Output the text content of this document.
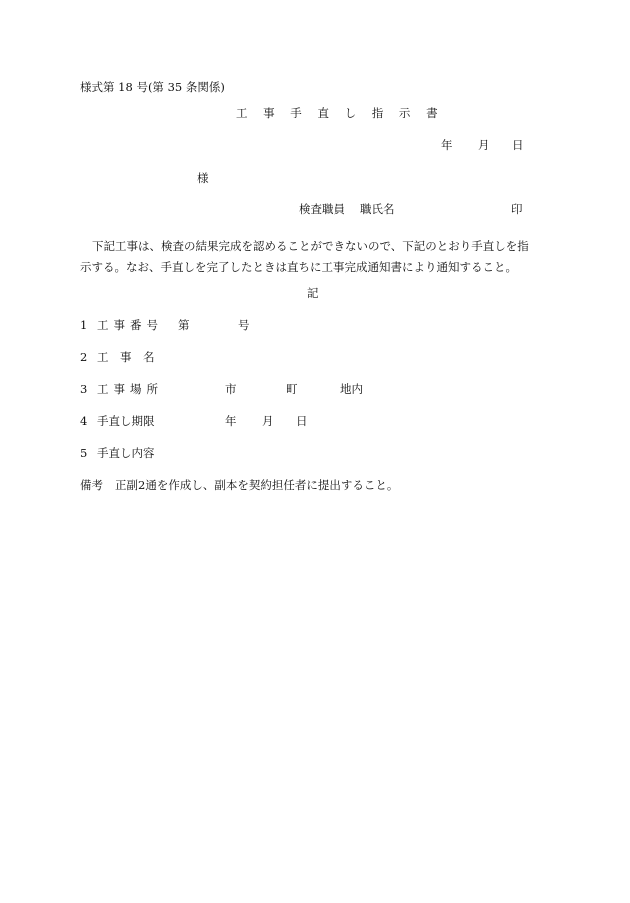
様式第 18 号(第 35 条関係)
工 事 手 直 し 指 示 書
年 月 日
様
検査職員 職氏名	印
下記工事は、検査の結果完成を認めることができないので、下記のとおり手直しを指示する。なお、手直しを完了したときは直ちに工事完成通知書により通知すること。
記
1 工事番号 第	号
2 工　事　名
3 工事場所	市	町	地内
4 手直し期限	年 月 日
5 手直し内容
備考 正副2通を作成し、副本を契約担任者に提出すること。
